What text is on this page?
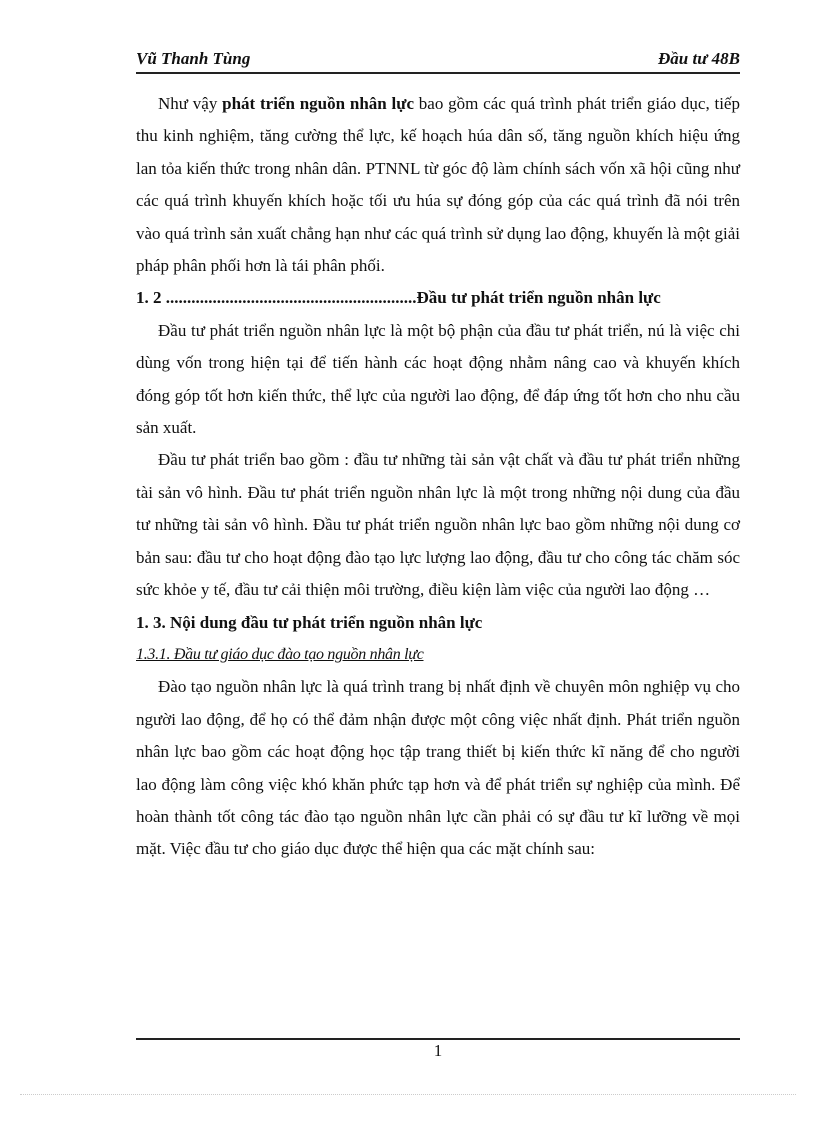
Vũ Thanh Tùng	Đầu tư 48B

Như vậy phát triển nguồn nhân lực bao gồm các quá trình phát triển giáo dục, tiếp thu kinh nghiệm, tăng cường thể lực, kế hoạch húa dân số, tăng nguồn khích hiệu ứng lan tỏa kiến thức trong nhân dân. PTNNL từ góc độ làm chính sách vốn xã hội cũng như các quá trình khuyến khích hoặc tối ưu húa sự đóng góp của các quá trình đã nói trên vào quá trình sản xuất chẳng hạn như các quá trình sử dụng lao động, khuyến là một giải pháp phân phối hơn là tái phân phối.

1. 2 ...........................................................Đầu tư phát triển nguồn nhân lực

Đầu tư phát triển nguồn nhân lực là một bộ phận của đầu tư phát triển, nú là việc chi dùng vốn trong hiện tại để tiến hành các hoạt động nhằm nâng cao và khuyến khích đóng góp tốt hơn kiến thức, thể lực của người lao động, để đáp ứng tốt hơn cho nhu cầu sản xuất.

Đầu tư phát triển bao gồm : đầu tư những tài sản vật chất và đầu tư phát triển những tài sản vô hình. Đầu tư phát triển nguồn nhân lực là một trong những nội dung của đầu tư những tài sản vô hình. Đầu tư phát triển nguồn nhân lực bao gồm những nội dung cơ bản sau: đầu tư cho hoạt động đào tạo lực lượng lao động, đầu tư cho công tác chăm sóc sức khỏe y tế, đầu tư cải thiện môi trường, điều kiện làm việc của người lao động …

1. 3. Nội dung đầu tư phát triển nguồn nhân lực

1.3.1. Đầu tư giáo dục đào tạo nguồn nhân lực

Đào tạo nguồn nhân lực là quá trình trang bị nhất định về chuyên môn nghiệp vụ cho người lao động, để họ có thể đảm nhận được một công việc nhất định. Phát triển nguồn nhân lực bao gồm các hoạt động học tập trang thiết bị kiến thức kĩ năng để cho người lao động làm công việc khó khăn phức tạp hơn và để phát triển sự nghiệp của mình. Để hoàn thành tốt công tác đào tạo nguồn nhân lực cần phải có sự đầu tư kĩ lưỡng về mọi mặt. Việc đầu tư cho giáo dục được thể hiện qua các mặt chính sau:

1
